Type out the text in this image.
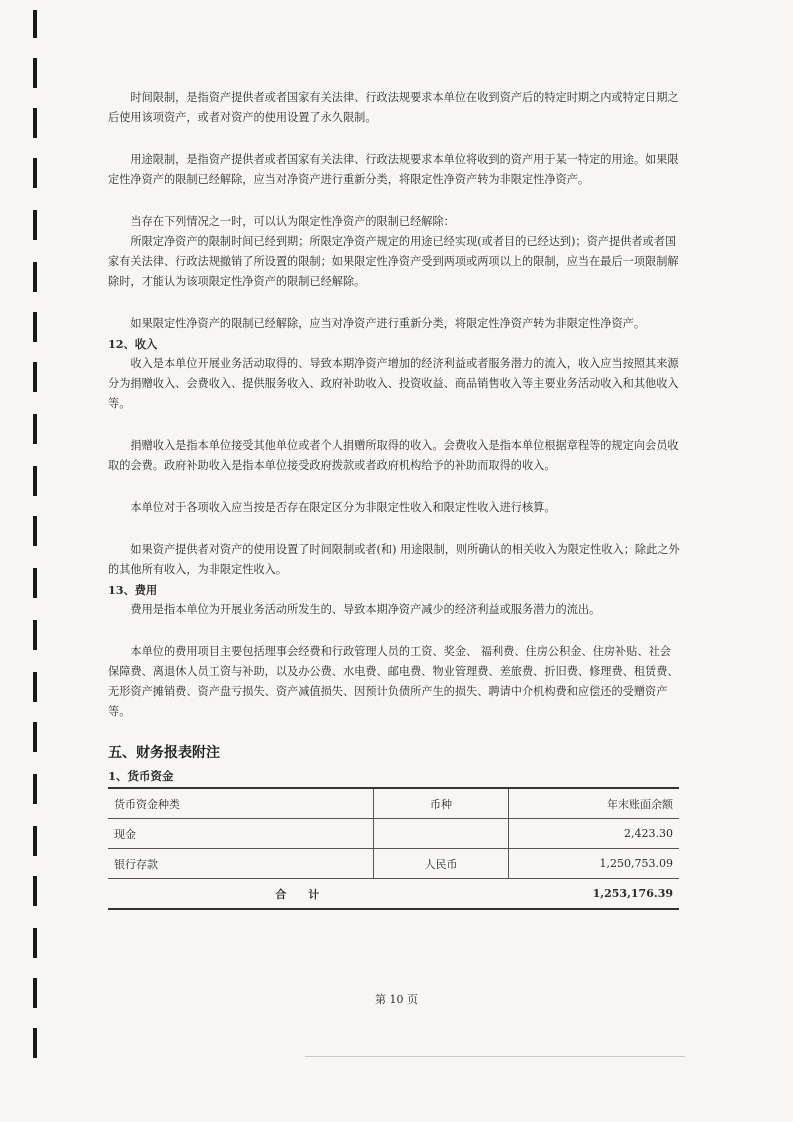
时间限制，是指资产提供者或者国家有关法律、行政法规要求本单位在收到资产后的特定时期之内或特定日期之后使用该项资产，或者对资产的使用设置了永久限制。

用途限制，是指资产提供者或者国家有关法律、行政法规要求本单位将收到的资产用于某一特定的用途。如果限定性净资产的限制已经解除，应当对净资产进行重新分类，将限定性净资产转为非限定性净资产。

当存在下列情况之一时，可以认为限定性净资产的限制已经解除：

所限定净资产的限制时间已经到期；所限定净资产规定的用途已经实现(或者目的已经达到)；资产提供者或者国家有关法律、行政法规撤销了所设置的限制；如果限定性净资产受到两项或两项以上的限制，应当在最后一项限制解除时，才能认为该项限定性净资产的限制已经解除。

如果限定性净资产的限制已经解除，应当对净资产进行重新分类，将限定性净资产转为非限定性净资产。

12、收入

收入是本单位开展业务活动取得的、导致本期净资产增加的经济利益或者服务潜力的流入，收入应当按照其来源分为捐赠收入、会费收入、提供服务收入、政府补助收入、投资收益、商品销售收入等主要业务活动收入和其他收入等。

捐赠收入是指本单位接受其他单位或者个人捐赠所取得的收入。会费收入是指本单位根据章程等的规定向会员收取的会费。政府补助收入是指本单位接受政府拨款或者政府机构给予的补助而取得的收入。

本单位对于各项收入应当按是否存在限定区分为非限定性收入和限定性收入进行核算。

如果资产提供者对资产的使用设置了时间限制或者(和) 用途限制，则所确认的相关收入为限定性收入；除此之外的其他所有收入，为非限定性收入。

13、费用

费用是指本单位为开展业务活动所发生的、导致本期净资产减少的经济利益或服务潜力的流出。

本单位的费用项目主要包括理事会经费和行政管理人员的工资、奖金、 福利费、住房公积金、住房补贴、社会保障费、离退休人员工资与补助，以及办公费、水电费、邮电费、物业管理费、差旅费、折旧费、修理费、租赁费、无形资产摊销费、资产盘亏损失、资产减值损失、因预计负债所产生的损失、聘请中介机构费和应偿还的受赠资产等。

五、财务报表附注
1、货币资金
货币资金种类	币种	年末账面余额
现金		2,423.30
银行存款	人民币	1,250,753.09
合计		1,253,176.39
第 10 页
